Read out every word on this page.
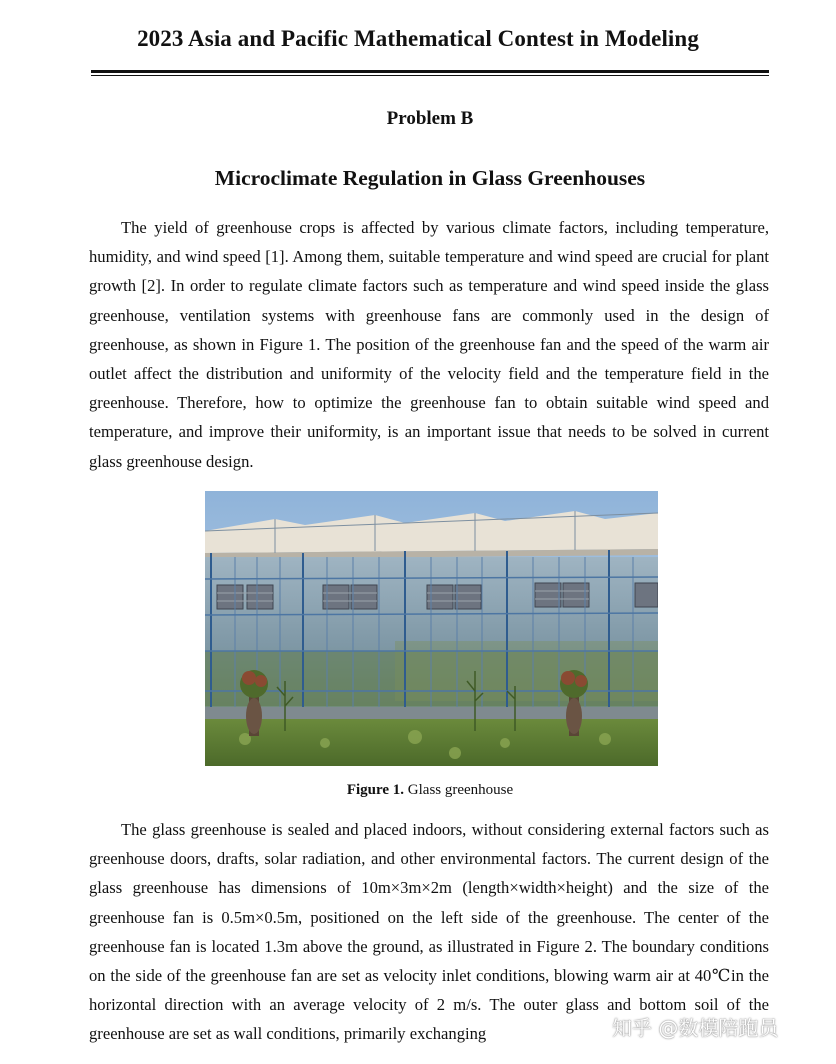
2023 Asia and Pacific Mathematical Contest in Modeling
Problem B
Microclimate Regulation in Glass Greenhouses

The yield of greenhouse crops is affected by various climate factors, including temperature, humidity, and wind speed [1]. Among them, suitable temperature and wind speed are crucial for plant growth [2]. In order to regulate climate factors such as temperature and wind speed inside the glass greenhouse, ventilation systems with greenhouse fans are commonly used in the design of greenhouse, as shown in Figure 1. The position of the greenhouse fan and the speed of the warm air outlet affect the distribution and uniformity of the velocity field and the temperature field in the greenhouse. Therefore, how to optimize the greenhouse fan to obtain suitable wind speed and temperature, and improve their uniformity, is an important issue that needs to be solved in current glass greenhouse design.

Figure 1. Glass greenhouse

The glass greenhouse is sealed and placed indoors, without considering external factors such as greenhouse doors, drafts, solar radiation, and other environmental factors. The current design of the glass greenhouse has dimensions of 10m×3m×2m (length×width×height) and the size of the greenhouse fan is 0.5m×0.5m, positioned on the left side of the greenhouse. The center of the greenhouse fan is located 1.3m above the ground, as illustrated in Figure 2. The boundary conditions on the side of the greenhouse fan are set as velocity inlet conditions, blowing warm air at 40℃in the horizontal direction with an average velocity of 2 m/s. The outer glass and bottom soil of the greenhouse are set as wall conditions, primarily exchanging	知乎 @数模陪跑员
